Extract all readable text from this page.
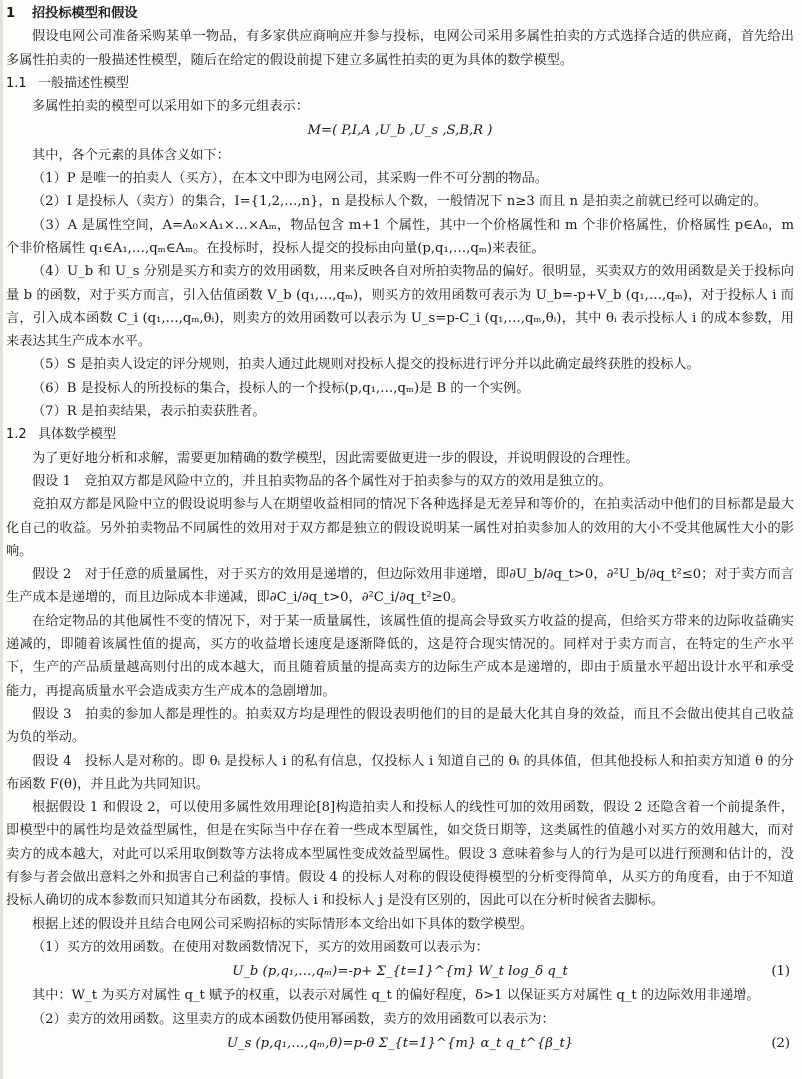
1 招投标模型和假设

假设电网公司准备采购某单一物品，有多家供应商响应并参与投标，电网公司采用多属性拍卖的方式选择合适的供应商，首先给出多属性拍卖的一般描述性模型，随后在给定的假设前提下建立多属性拍卖的更为具体的数学模型。

1.1 一般描述性模型

多属性拍卖的模型可以采用如下的多元组表示：

M=( P,I,A ,U_b ,U_s ,S,B,R )

其中，各个元素的具体含义如下：

（1）P 是唯一的拍卖人（买方），在本文中即为电网公司，其采购一件不可分割的物品。

（2）I 是投标人（卖方）的集合，I={1,2,…,n}，n 是投标人个数，一般情况下 n≥3 而且 n 是拍卖之前就已经可以确定的。

（3）A 是属性空间，A=A₀×A₁×…×Aₘ，物品包含 m+1 个属性，其中一个价格属性和 m 个非价格属性，价格属性 p∈A₀，m 个非价格属性 q₁∈A₁,…,qₘ∈Aₘ。在投标时，投标人提交的投标由向量(p,q₁,…,qₘ)来表征。

（4）U_b 和 U_s 分别是买方和卖方的效用函数，用来反映各自对所拍卖物品的偏好。很明显，买卖双方的效用函数是关于投标向量 b 的函数，对于买方而言，引入估值函数 V_b (q₁,…,qₘ)，则买方的效用函数可表示为 U_b=-p+V_b (q₁,…,qₘ)，对于投标人 i 而言，引入成本函数 C_i (q₁,…,qₘ,θᵢ)，则卖方的效用函数可以表示为 U_s=p-C_i (q₁,…,qₘ,θᵢ)，其中 θᵢ 表示投标人 i 的成本参数，用来表达其生产成本水平。

（5）S 是拍卖人设定的评分规则，拍卖人通过此规则对投标人提交的投标进行评分并以此确定最终获胜的投标人。

（6）B 是投标人的所投标的集合，投标人的一个投标(p,q₁,…,qₘ)是 B 的一个实例。

（7）R 是拍卖结果，表示拍卖获胜者。

1.2 具体数学模型

为了更好地分析和求解，需要更加精确的数学模型，因此需要做更进一步的假设，并说明假设的合理性。

假设 1　竞拍双方都是风险中立的，并且拍卖物品的各个属性对于拍卖参与的双方的效用是独立的。

竞拍双方都是风险中立的假设说明参与人在期望收益相同的情况下各种选择是无差异和等价的，在拍卖活动中他们的目标都是最大化自己的收益。另外拍卖物品不同属性的效用对于双方都是独立的假设说明某一属性对拍卖参加人的效用的大小不受其他属性大小的影响。

假设 2　对于任意的质量属性，对于买方的效用是递增的，但边际效用非递增，即∂U_b/∂q_t>0，∂²U_b/∂q_t²≤0；对于卖方而言生产成本是递增的，而且边际成本非递减，即∂C_i/∂q_t>0，∂²C_i/∂q_t²≥0。

在给定物品的其他属性不变的情况下，对于某一质量属性，该属性值的提高会导致买方收益的提高，但给买方带来的边际收益确实递减的，即随着该属性值的提高，买方的收益增长速度是逐渐降低的，这是符合现实情况的。同样对于卖方而言，在特定的生产水平下，生产的产品质量越高则付出的成本越大，而且随着质量的提高卖方的边际生产成本是递增的，即由于质量水平超出设计水平和承受能力，再提高质量水平会造成卖方生产成本的急剧增加。

假设 3　拍卖的参加人都是理性的。拍卖双方均是理性的假设表明他们的目的是最大化其自身的效益，而且不会做出使其自己收益为负的举动。

假设 4　投标人是对称的。即 θᵢ 是投标人 i 的私有信息，仅投标人 i 知道自己的 θᵢ 的具体值，但其他投标人和拍卖方知道 θ 的分布函数 F(θ)，并且此为共同知识。

根据假设 1 和假设 2，可以使用多属性效用理论[8]构造拍卖人和投标人的线性可加的效用函数，假设 2 还隐含着一个前提条件，即模型中的属性均是效益型属性，但是在实际当中存在着一些成本型属性，如交货日期等，这类属性的值越小对买方的效用越大，而对卖方的成本越大，对此可以采用取倒数等方法将成本型属性变成效益型属性。假设 3 意味着参与人的行为是可以进行预测和估计的，没有参与者会做出意料之外和损害自己利益的事情。假设 4 的投标人对称的假设使得模型的分析变得简单，从买方的角度看，由于不知道投标人确切的成本参数而只知道其分布函数，投标人 i 和投标人 j 是没有区别的，因此可以在分析时候省去脚标。

根据上述的假设并且结合电网公司采购招标的实际情形本文给出如下具体的数学模型。

（1）买方的效用函数。在使用对数函数情况下，买方的效用函数可以表示为：

U_b (p,q₁,…,qₘ)=-p+ Σ_{t=1}^{m} W_t log_δ q_t	(1)

其中：W_t 为买方对属性 q_t 赋予的权重，以表示对属性 q_t 的偏好程度，δ>1 以保证买方对属性 q_t 的边际效用非递增。

（2）卖方的效用函数。这里卖方的成本函数仍使用幂函数，卖方的效用函数可以表示为：

U_s (p,q₁,…,qₘ,θ)=p-θ Σ_{t=1}^{m} α_t q_t^{β_t}	(2)
